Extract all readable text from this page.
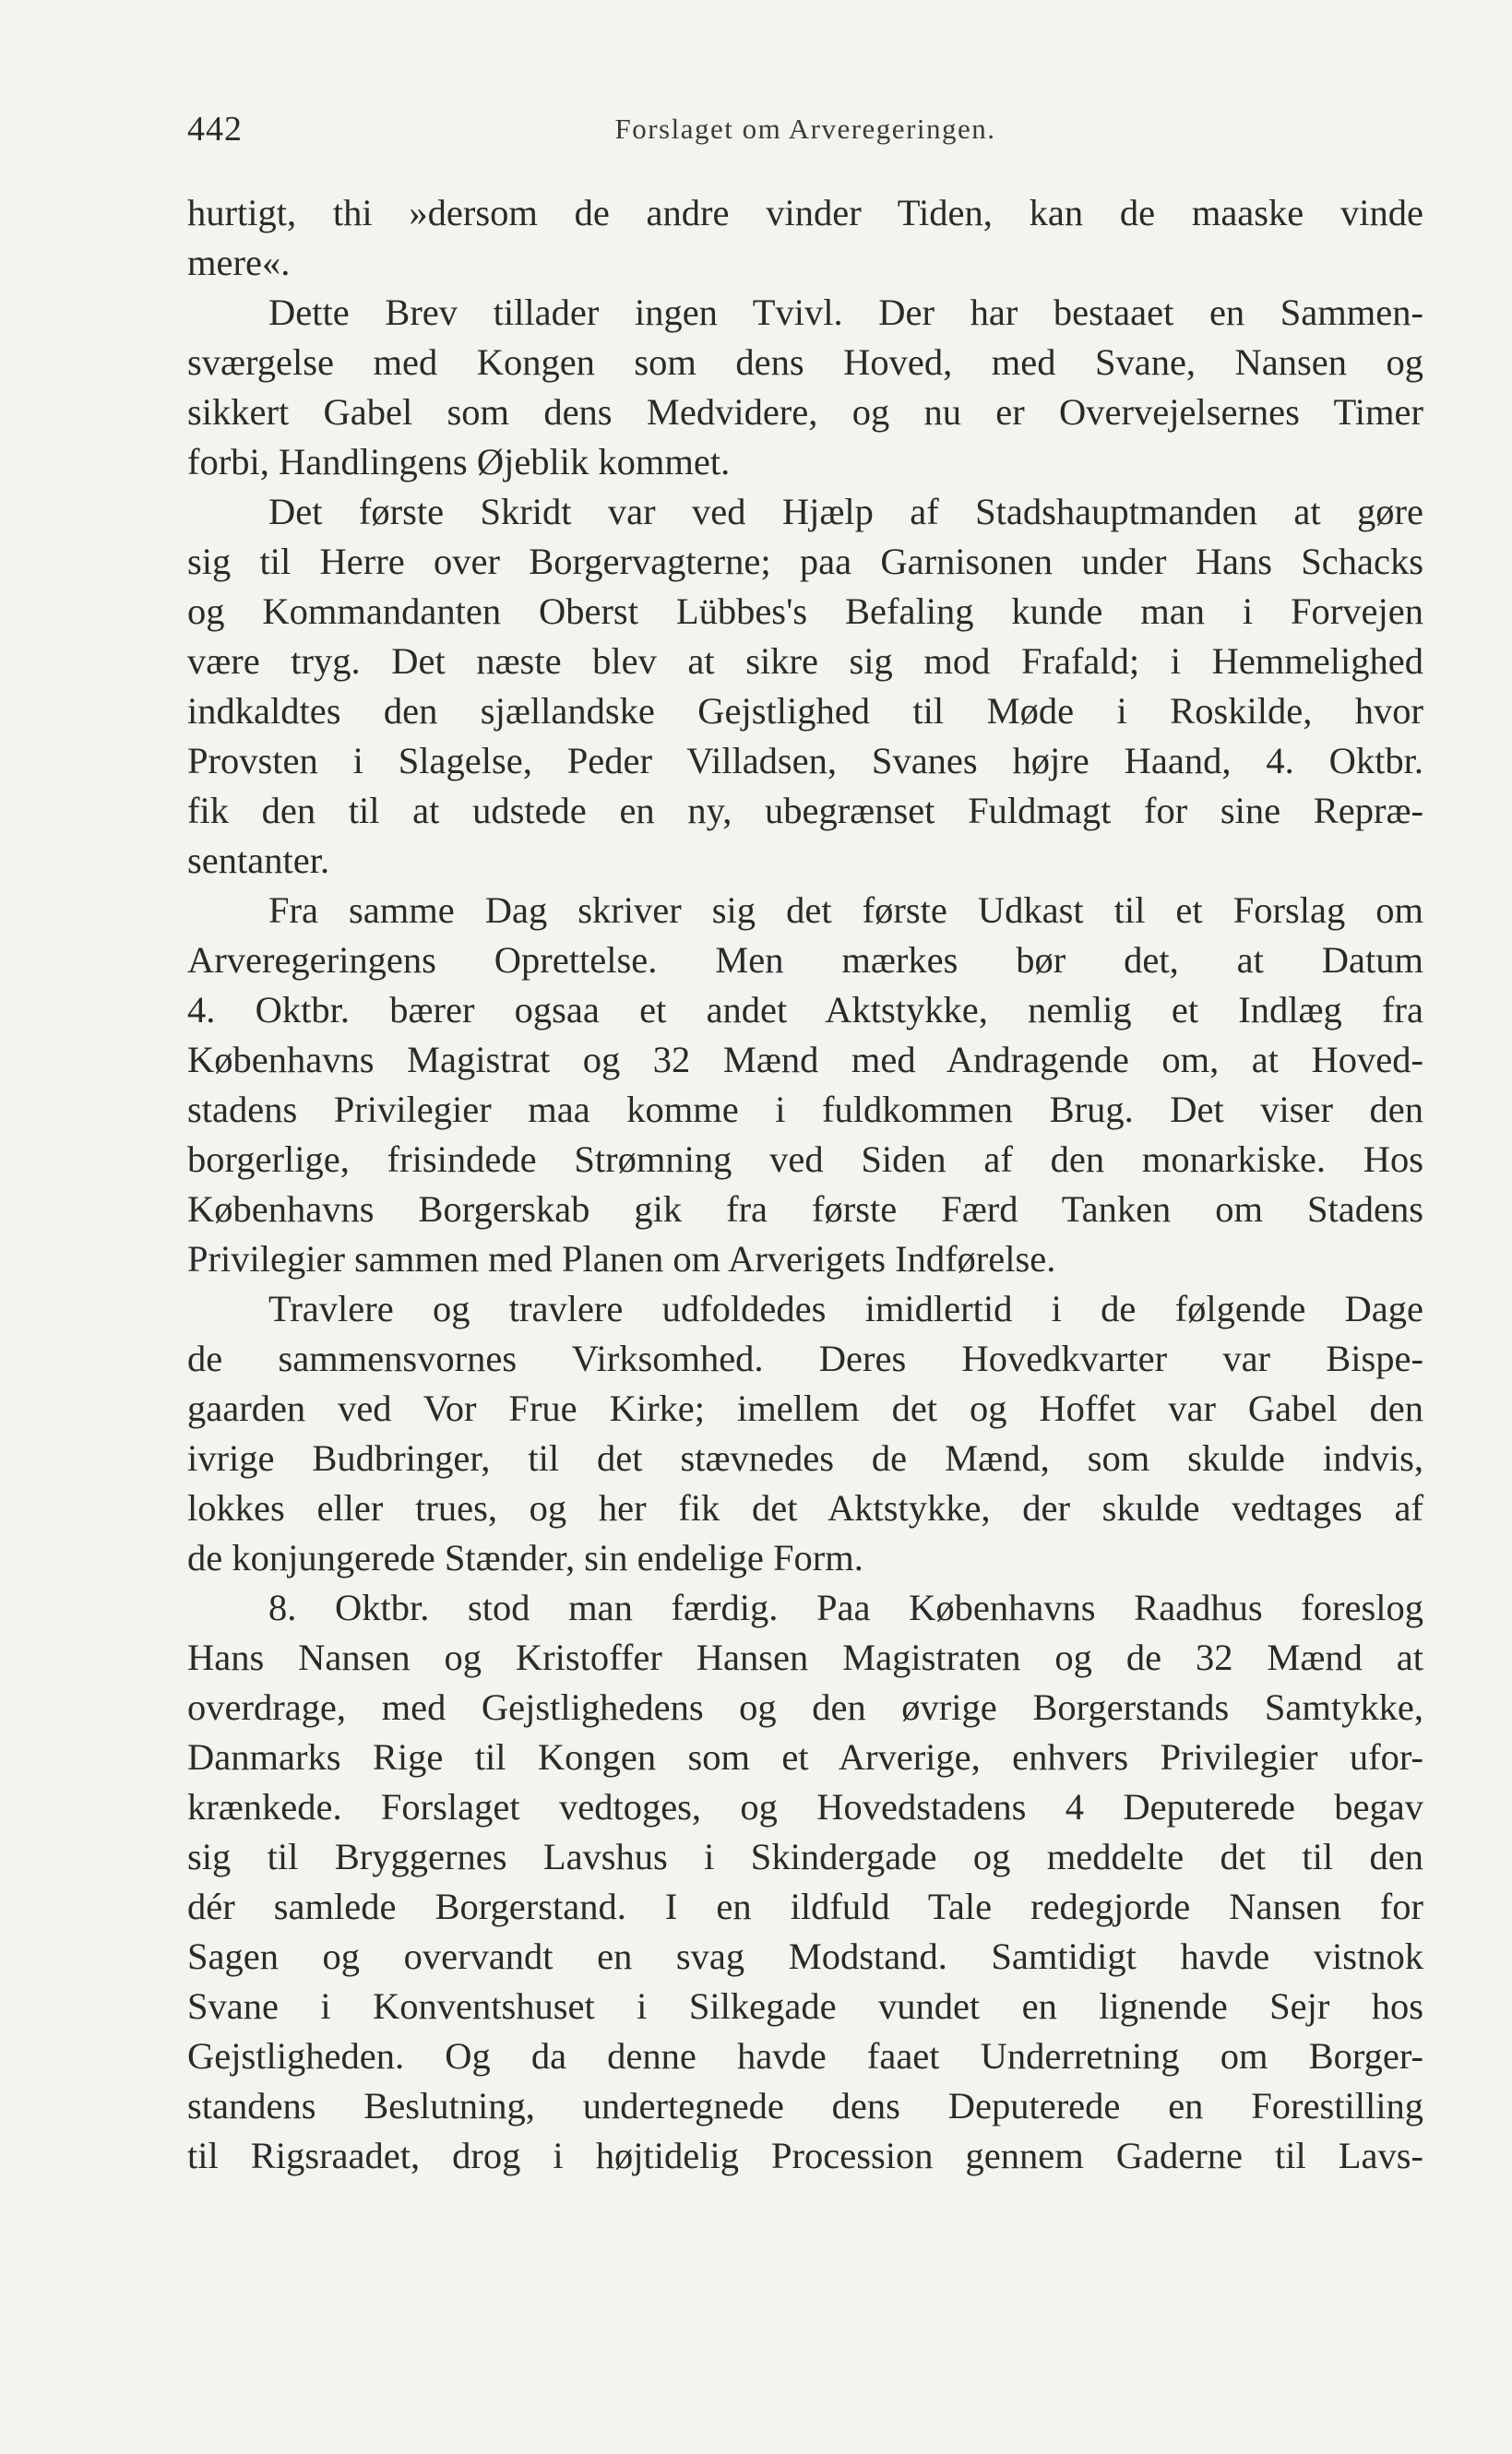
442	Forslaget om Arveregeringen.
hurtigt, thi »dersom de andre vinder Tiden, kan de maaske vinde
mere«.
Dette Brev tillader ingen Tvivl. Der har bestaaet en Sammen-
sværgelse med Kongen som dens Hoved, med Svane, Nansen og
sikkert Gabel som dens Medvidere, og nu er Overvejelsernes Timer
forbi, Handlingens Øjeblik kommet.
Det første Skridt var ved Hjælp af Stadshauptmanden at gøre
sig til Herre over Borgervagterne; paa Garnisonen under Hans Schacks
og Kommandanten Oberst Lübbes's Befaling kunde man i Forvejen
være tryg. Det næste blev at sikre sig mod Frafald; i Hemmelighed
indkaldtes den sjællandske Gejstlighed til Møde i Roskilde, hvor
Provsten i Slagelse, Peder Villadsen, Svanes højre Haand, 4. Oktbr.
fik den til at udstede en ny, ubegrænset Fuldmagt for sine Repræ-
sentanter.
Fra samme Dag skriver sig det første Udkast til et Forslag om
Arveregeringens Oprettelse. Men mærkes bør det, at Datum
4. Oktbr. bærer ogsaa et andet Aktstykke, nemlig et Indlæg fra
Københavns Magistrat og 32 Mænd med Andragende om, at Hoved-
stadens Privilegier maa komme i fuldkommen Brug. Det viser den
borgerlige, frisindede Strømning ved Siden af den monarkiske. Hos
Københavns Borgerskab gik fra første Færd Tanken om Stadens
Privilegier sammen med Planen om Arverigets Indførelse.
Travlere og travlere udfoldedes imidlertid i de følgende Dage
de sammensvornes Virksomhed. Deres Hovedkvarter var Bispe-
gaarden ved Vor Frue Kirke; imellem det og Hoffet var Gabel den
ivrige Budbringer, til det stævnedes de Mænd, som skulde indvis,
lokkes eller trues, og her fik det Aktstykke, der skulde vedtages af
de konjungerede Stænder, sin endelige Form.
8. Oktbr. stod man færdig. Paa Københavns Raadhus foreslog
Hans Nansen og Kristoffer Hansen Magistraten og de 32 Mænd at
overdrage, med Gejstlighedens og den øvrige Borgerstands Samtykke,
Danmarks Rige til Kongen som et Arverige, enhvers Privilegier ufor-
krænkede. Forslaget vedtoges, og Hovedstadens 4 Deputerede begav
sig til Bryggernes Lavshus i Skindergade og meddelte det til den
dér samlede Borgerstand. I en ildfuld Tale redegjorde Nansen for
Sagen og overvandt en svag Modstand. Samtidigt havde vistnok
Svane i Konventshuset i Silkegade vundet en lignende Sejr hos
Gejstligheden. Og da denne havde faaet Underretning om Borger-
standens Beslutning, undertegnede dens Deputerede en Forestilling
til Rigsraadet, drog i højtidelig Procession gennem Gaderne til Lavs-
